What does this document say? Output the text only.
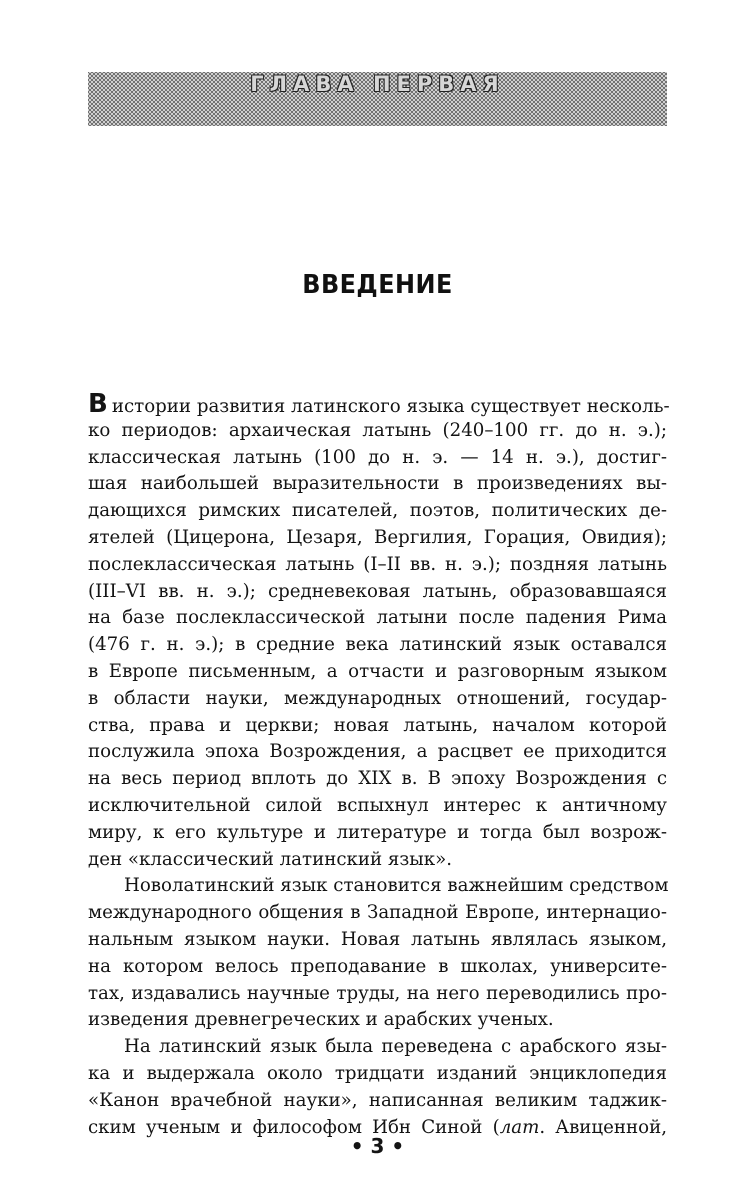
ГЛАВА ПЕРВАЯ
ВВЕДЕНИЕ
В истории развития латинского языка существует несколь-
ко периодов: архаическая латынь (240–100 гг. до н. э.);
классическая латынь (100 до н. э. — 14 н. э.), достиг-
шая наибольшей выразительности в произведениях вы-
дающихся римских писателей, поэтов, политических де-
ятелей (Цицерона, Цезаря, Вергилия, Горация, Овидия);
послеклассическая латынь (I–II вв. н. э.); поздняя латынь
(III–VI вв. н. э.); средневековая латынь, образовавшаяся
на базе послеклассической латыни после падения Рима
(476 г. н. э.); в средние века латинский язык оставался
в Европе письменным, а отчасти и разговорным языком
в области науки, международных отношений, государ-
ства, права и церкви; новая латынь, началом которой
послужила эпоха Возрождения, а расцвет ее приходится
на весь период вплоть до XIX в. В эпоху Возрождения с
исключительной силой вспыхнул интерес к античному
миру, к его культуре и литературе и тогда был возрож-
ден «классический латинский язык».
Новолатинский язык становится важнейшим средством
международного общения в Западной Европе, интернацио-
нальным языком науки. Новая латынь являлась языком,
на котором велось преподавание в школах, университе-
тах, издавались научные труды, на него переводились про-
изведения древнегреческих и арабских ученых.
На латинский язык была переведена с арабского язы-
ка и выдержала около тридцати изданий энциклопедия
«Канон врачебной науки», написанная великим таджик-
ским ученым и философом Ибн Синой (лат. Авиценной,
• 3 •
